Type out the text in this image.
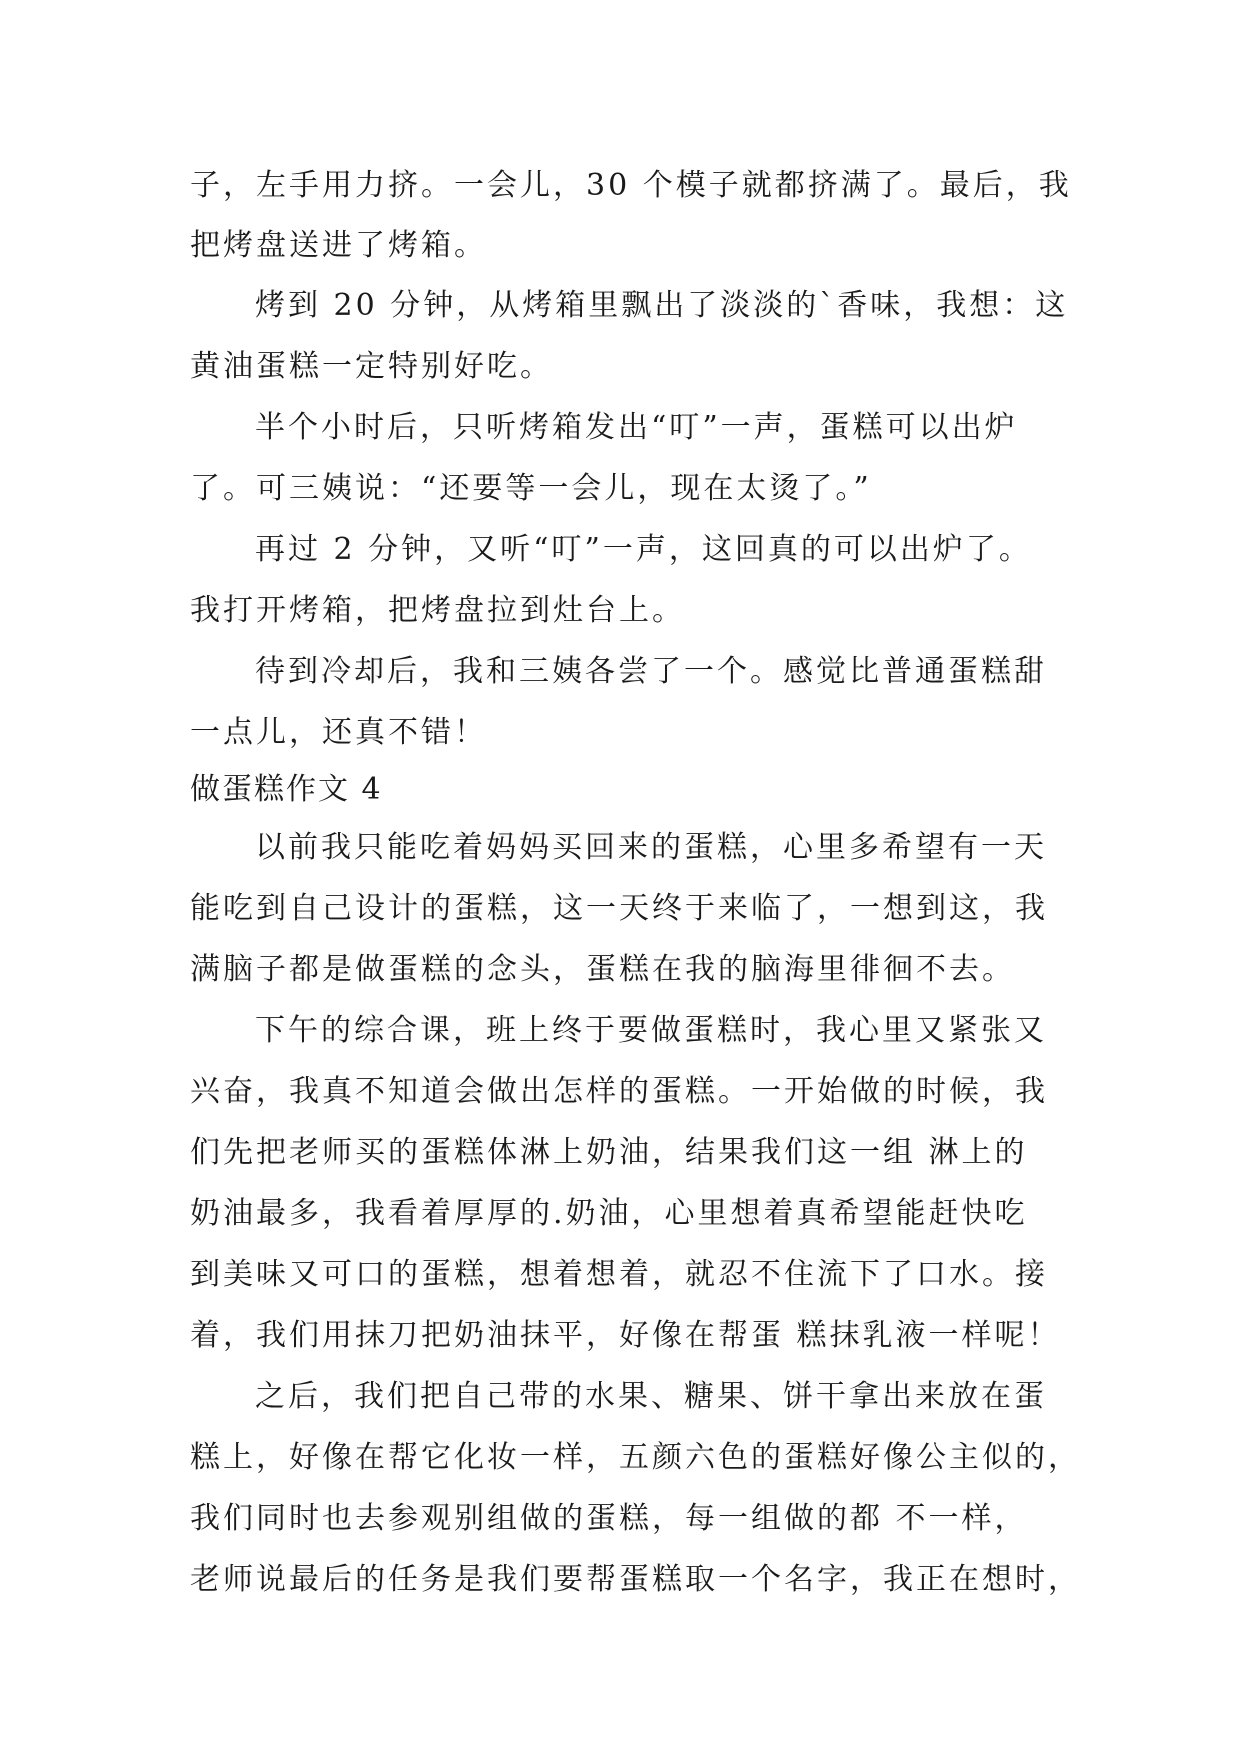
子，左手用力挤。一会儿，30 个模子就都挤满了。最后，我
把烤盘送进了烤箱。
烤到 20 分钟，从烤箱里飘出了淡淡的`香味，我想：这
黄油蛋糕一定特别好吃。
半个小时后，只听烤箱发出“叮”一声，蛋糕可以出炉
了。可三姨说：“还要等一会儿，现在太烫了。”
再过 2 分钟，又听“叮”一声，这回真的可以出炉了。
我打开烤箱，把烤盘拉到灶台上。
待到冷却后，我和三姨各尝了一个。感觉比普通蛋糕甜
一点儿，还真不错！
做蛋糕作文 4
以前我只能吃着妈妈买回来的蛋糕，心里多希望有一天
能吃到自己设计的蛋糕，这一天终于来临了，一想到这，我
满脑子都是做蛋糕的念头，蛋糕在我的脑海里徘徊不去。
下午的综合课，班上终于要做蛋糕时，我心里又紧张又
兴奋，我真不知道会做出怎样的蛋糕。一开始做的时候，我
们先把老师买的蛋糕体淋上奶油，结果我们这一组 淋上的
奶油最多，我看着厚厚的.奶油，心里想着真希望能赶快吃
到美味又可口的蛋糕，想着想着，就忍不住流下了口水。接
着，我们用抹刀把奶油抹平，好像在帮蛋 糕抹乳液一样呢！
之后，我们把自己带的水果、糖果、饼干拿出来放在蛋
糕上，好像在帮它化妆一样，五颜六色的蛋糕好像公主似的，
我们同时也去参观别组做的蛋糕，每一组做的都 不一样，
老师说最后的任务是我们要帮蛋糕取一个名字，我正在想时，
